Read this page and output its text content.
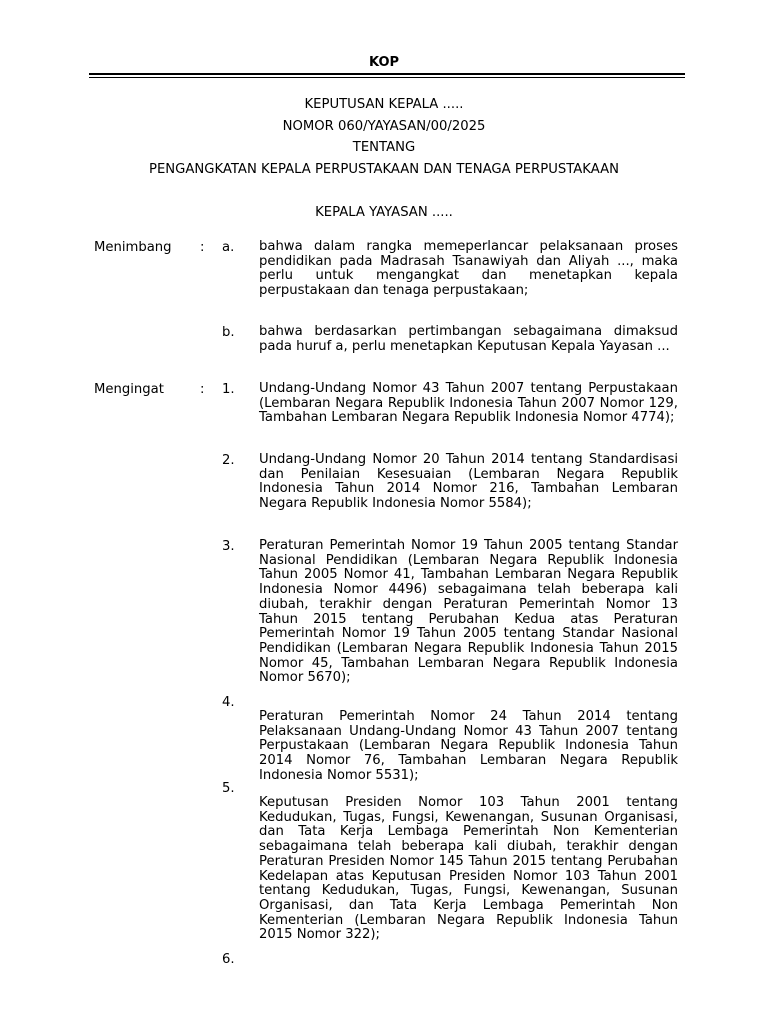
KOP
KEPUTUSAN KEPALA .....
NOMOR 060/YAYASAN/00/2025
TENTANG
PENGANGKATAN KEPALA PERPUSTAKAAN DAN TENAGA PERPUSTAKAAN
KEPALA YAYASAN .....
Menimbang : a. bahwa dalam rangka memeperlancar pelaksanaan proses pendidikan pada Madrasah Tsanawiyah dan Aliyah ..., maka perlu untuk mengangkat dan menetapkan kepala perpustakaan dan tenaga perpustakaan;

b. bahwa berdasarkan pertimbangan sebagaimana dimaksud pada huruf a, perlu menetapkan Keputusan Kepala Yayasan ...

Mengingat	: 1. Undang-Undang Nomor 43 Tahun 2007 tentang Perpustakaan (Lembaran Negara Republik Indonesia Tahun 2007 Nomor 129, Tambahan Lembaran Negara Republik Indonesia Nomor 4774);

2. Undang-Undang Nomor 20 Tahun 2014 tentang Standardisasi dan Penilaian Kesesuaian (Lembaran Negara Republik Indonesia Tahun 2014 Nomor 216, Tambahan Lembaran Negara Republik Indonesia Nomor 5584);

3. Peraturan Pemerintah Nomor 19 Tahun 2005 tentang Standar Nasional Pendidikan (Lembaran Negara Republik Indonesia Tahun 2005 Nomor 41, Tambahan Lembaran Negara Republik Indonesia Nomor 4496) sebagaimana telah beberapa kali diubah, terakhir dengan Peraturan Pemerintah Nomor 13 Tahun 2015 tentang Perubahan Kedua atas Peraturan Pemerintah Nomor 19 Tahun 2005 tentang Standar Nasional Pendidikan (Lembaran Negara Republik Indonesia Tahun 2015 Nomor 45, Tambahan Lembaran Negara Republik Indonesia Nomor 5670);

4.

Peraturan Pemerintah Nomor 24 Tahun 2014 tentang Pelaksanaan Undang-Undang Nomor 43 Tahun 2007 tentang Perpustakaan (Lembaran Negara Republik Indonesia Tahun 2014 Nomor 76, Tambahan Lembaran Negara Republik Indonesia Nomor 5531);

5.

Keputusan Presiden Nomor 103 Tahun 2001 tentang Kedudukan, Tugas, Fungsi, Kewenangan, Susunan Organisasi, dan Tata Kerja Lembaga Pemerintah Non Kementerian sebagaimana telah beberapa kali diubah, terakhir dengan Peraturan Presiden Nomor 145 Tahun 2015 tentang Perubahan Kedelapan atas Keputusan Presiden Nomor 103 Tahun 2001 tentang Kedudukan, Tugas, Fungsi, Kewenangan, Susunan Organisasi, dan Tata Kerja Lembaga Pemerintah Non Kementerian (Lembaran Negara Republik Indonesia Tahun 2015 Nomor 322);

6.
